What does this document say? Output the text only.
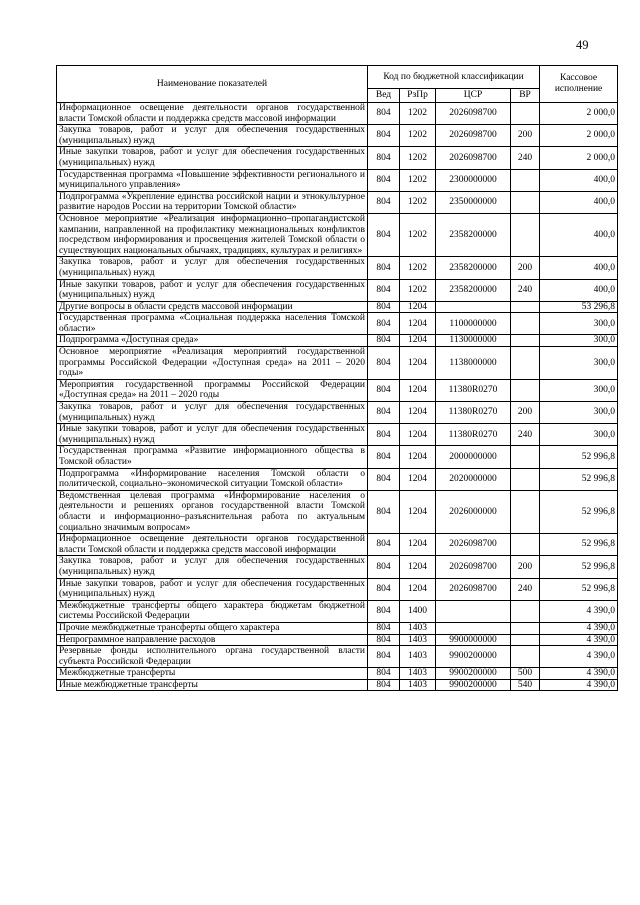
49
Наименование показателей	Код по бюджетной классификации				Кассовое исполнение
	Вед	РзПр	ЦСР	ВР	
Информационное освещение деятельности органов государственной власти Томской области и поддержка средств массовой информации	804	1202	2026098700		2 000,0
Закупка товаров, работ и услуг для обеспечения государственных (муниципальных) нужд	804	1202	2026098700	200	2 000,0
Иные закупки товаров, работ и услуг для обеспечения государственных (муниципальных) нужд	804	1202	2026098700	240	2 000,0
Государственная программа «Повышение эффективности регионального и муниципального управления»	804	1202	2300000000		400,0
Подпрограмма «Укрепление единства российской нации и этнокультурное развитие народов России на территории Томской области»	804	1202	2350000000		400,0
Основное мероприятие «Реализация информационно–пропагандистской кампании, направленной на профилактику межнациональных конфликтов посредством информирования и просвещения жителей Томской области о существующих национальных обычаях, традициях, культурах и религиях»	804	1202	2358200000		400,0
Закупка товаров, работ и услуг для обеспечения государственных (муниципальных) нужд	804	1202	2358200000	200	400,0
Иные закупки товаров, работ и услуг для обеспечения государственных (муниципальных) нужд	804	1202	2358200000	240	400,0
Другие вопросы в области средств массовой информации	804	1204			53 296,8
Государственная программа «Социальная поддержка населения Томской области»	804	1204	1100000000		300,0
Подпрограмма «Доступная среда»	804	1204	1130000000		300,0
Основное мероприятие «Реализация мероприятий государственной программы Российской Федерации «Доступная среда» на 2011 – 2020 годы»	804	1204	1138000000		300,0
Мероприятия государственной программы Российской Федерации «Доступная среда» на 2011 – 2020 годы	804	1204	11380R0270		300,0
Закупка товаров, работ и услуг для обеспечения государственных (муниципальных) нужд	804	1204	11380R0270	200	300,0
Иные закупки товаров, работ и услуг для обеспечения государственных (муниципальных) нужд	804	1204	11380R0270	240	300,0
Государственная программа «Развитие информационного общества в Томской области»	804	1204	2000000000		52 996,8
Подпрограмма «Информирование населения Томской области о политической, социально–экономической ситуации Томской области»	804	1204	2020000000		52 996,8
Ведомственная целевая программа «Информирование населения о деятельности и решениях органов государственной власти Томской области и информационно–разъяснительная работа по актуальным социально значимым вопросам»	804	1204	2026000000		52 996,8
Информационное освещение деятельности органов государственной власти Томской области и поддержка средств массовой информации	804	1204	2026098700		52 996,8
Закупка товаров, работ и услуг для обеспечения государственных (муниципальных) нужд	804	1204	2026098700	200	52 996,8
Иные закупки товаров, работ и услуг для обеспечения государственных (муниципальных) нужд	804	1204	2026098700	240	52 996,8
Межбюджетные трансферты общего характера бюджетам бюджетной системы Российской Федерации	804	1400			4 390,0
Прочие межбюджетные трансферты общего характера	804	1403			4 390,0
Непрограммное направление расходов	804	1403	9900000000		4 390,0
Резервные фонды исполнительного органа государственной власти субъекта Российской Федерации	804	1403	9900200000		4 390,0
Межбюджетные трансферты	804	1403	9900200000	500	4 390,0
Иные межбюджетные трансферты	804	1403	9900200000	540	4 390,0
